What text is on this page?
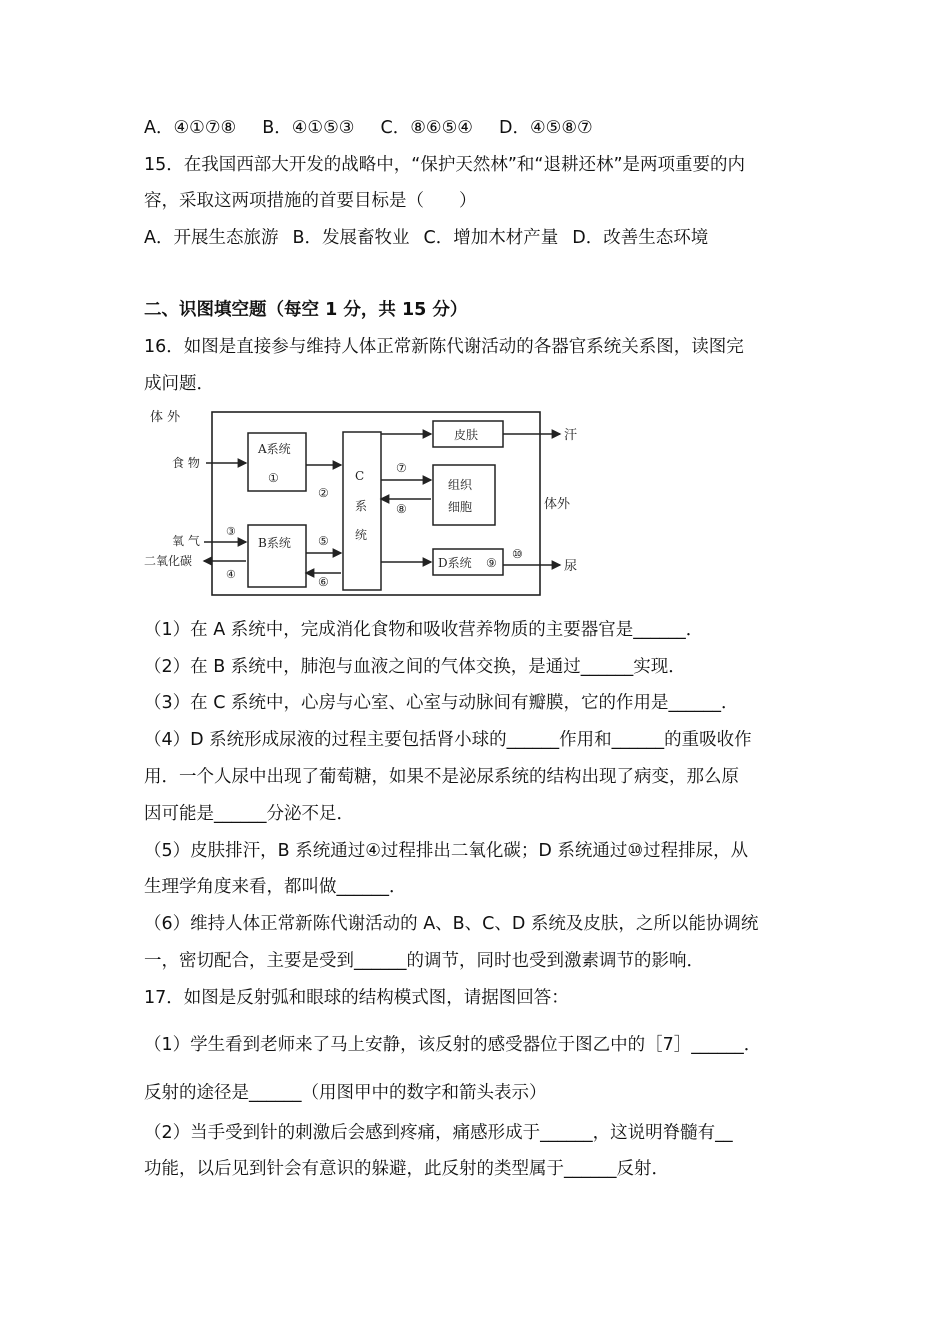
A．④①⑦⑧ B．④①⑤③ C．⑧⑥⑤④ D．④⑤⑧⑦
15．在我国西部大开发的战略中，“保护天然林”和“退耕还林”是两项重要的内
容，采取这两项措施的首要目标是（　　）
A．开展生态旅游 B．发展畜牧业 C．增加木材产量 D．改善生态环境
二、识图填空题（每空 1 分，共 15 分）
16．如图是直接参与维持人体正常新陈代谢活动的各器官系统关系图，读图完
成问题．
体 外
体外
A系统
①
B系统
C
系
统
皮肤
组织
细胞
D系统 ⑨
食 物
②
氧 气
二氧化碳
③
④
⑤
⑥
⑦
⑧
汗
⑩
尿
（1）在 A 系统中，完成消化食物和吸收营养物质的主要器官是______．
（2）在 B 系统中，肺泡与血液之间的气体交换，是通过______实现．
（3）在 C 系统中，心房与心室、心室与动脉间有瓣膜，它的作用是______．
（4）D 系统形成尿液的过程主要包括肾小球的______作用和______的重吸收作
用．一个人尿中出现了葡萄糖，如果不是泌尿系统的结构出现了病变，那么原
因可能是______分泌不足．
（5）皮肤排汗，B 系统通过④过程排出二氧化碳；D 系统通过⑩过程排尿，从
生理学角度来看，都叫做______．
（6）维持人体正常新陈代谢活动的 A、B、C、D 系统及皮肤，之所以能协调统
一，密切配合，主要是受到______的调节，同时也受到激素调节的影响．
17．如图是反射弧和眼球的结构模式图，请据图回答：
（1）学生看到老师来了马上安静，该反射的感受器位于图乙中的［7］______．
反射的途径是______（用图甲中的数字和箭头表示）
（2）当手受到针的刺激后会感到疼痛，痛感形成于______，这说明脊髓有__
功能，以后见到针会有意识的躲避，此反射的类型属于______反射．
